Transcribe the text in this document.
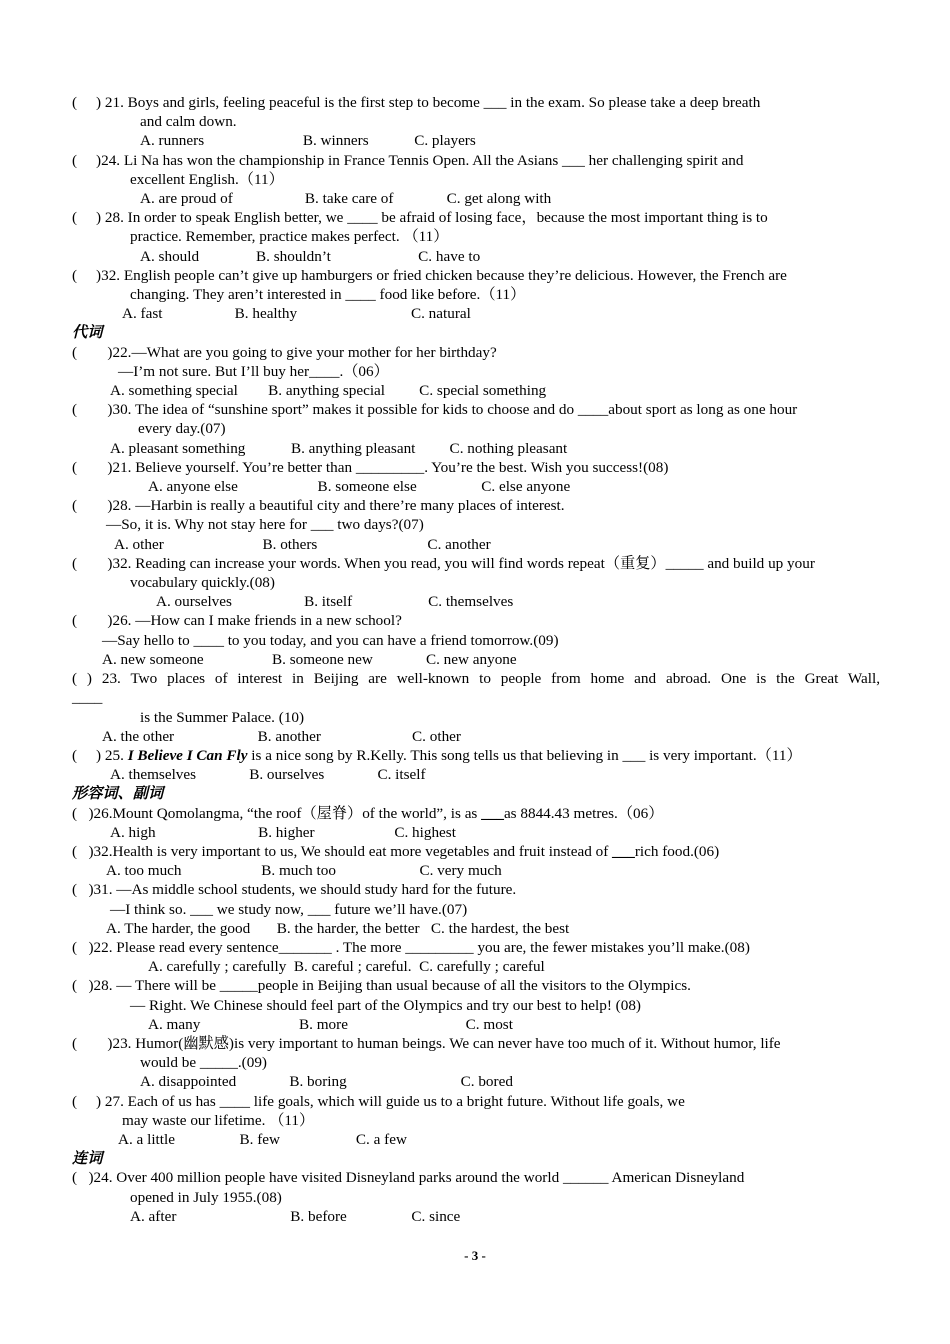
(     ) 21. Boys and girls, feeling peaceful is the first step to become ___ in the exam. So please take a deep breath
and calm down.
A. runners                          B. winners            C. players
(     )24. Li Na has won the championship in France Tennis Open. All the Asians ___ her challenging spirit and
excellent English.（11）
A. are proud of                   B. take care of              C. get along with
(     ) 28. In order to speak English better, we ____ be afraid of losing face，because the most important thing is to
practice. Remember, practice makes perfect. （11）
A. should               B. shouldn’t                       C. have to
(     )32. English people can’t give up hamburgers or fried chicken because they’re delicious. However, the French are
changing. They aren’t interested in ____ food like before.（11）
A. fast                   B. healthy                              C. natural
代词
(        )22.—What are you going to give your mother for her birthday?
—I’m not sure. But I’ll buy her____.（06）
A. something special        B. anything special         C. special something
(        )30. The idea of “sunshine sport” makes it possible for kids to choose and do ____about sport as long as one hour
every day.(07)
A. pleasant something            B. anything pleasant         C. nothing pleasant
(        )21. Believe yourself. You’re better than _________. You’re the best. Wish you success!(08)
A. anyone else                     B. someone else                 C. else anyone
(        )28. —Harbin is really a beautiful city and there’re many places of interest.
—So, it is. Why not stay here for ___ two days?(07)
A. other                          B. others                             C. another
(        )32. Reading can increase your words. When you read, you will find words repeat（重复）_____ and build up your
vocabulary quickly.(08)
A. ourselves                   B. itself                    C. themselves
(        )26. —How can I make friends in a new school?
—Say hello to ____ to you today, and you can have a friend tomorrow.(09)
A. new someone                  B. someone new              C. new anyone
( ) 23. Two places of interest in Beijing are well-known to people from home and abroad. One is the Great Wall,
____
is the Summer Palace. (10)
A. the other                      B. another                        C. other
(     ) 25. I Believe I Can Fly is a nice song by R.Kelly. This song tells us that believing in ___ is very important.（11）
A. themselves              B. ourselves              C. itself
形容词、副词
(   )26.Mount Qomolangma, “the roof（屋脊）of the world”, is as ___as 8844.43 metres.（06）
A. high                           B. higher                     C. highest
(   )32.Health is very important to us, We should eat more vegetables and fruit instead of ___rich food.(06)
A. too much                     B. much too                      C. very much
(   )31. —As middle school students, we should study hard for the future.
—I think so. ___ we study now, ___ future we’ll have.(07)
A. The harder, the good       B. the harder, the better   C. the hardest, the best
(   )22. Please read every sentence_______ . The more _________ you are, the fewer mistakes you’ll make.(08)
A. carefully ; carefully  B. careful ; careful.  C. carefully ; careful
(   )28. — There will be _____people in Beijing than usual because of all the visitors to the Olympics.
— Right. We Chinese should feel part of the Olympics and try our best to help! (08)
A. many                          B. more                               C. most
(        )23. Humor(幽默感)is very important to human beings. We can never have too much of it. Without humor, life
would be _____.(09)
A. disappointed              B. boring                              C. bored
(     ) 27. Each of us has ____ life goals, which will guide us to a bright future. Without life goals, we
may waste our lifetime. （11）
A. a little                 B. few                    C. a few
连词
(   )24. Over 400 million people have visited Disneyland parks around the world ______ American Disneyland
opened in July 1955.(08)
A. after                              B. before                 C. since
- 3 -
